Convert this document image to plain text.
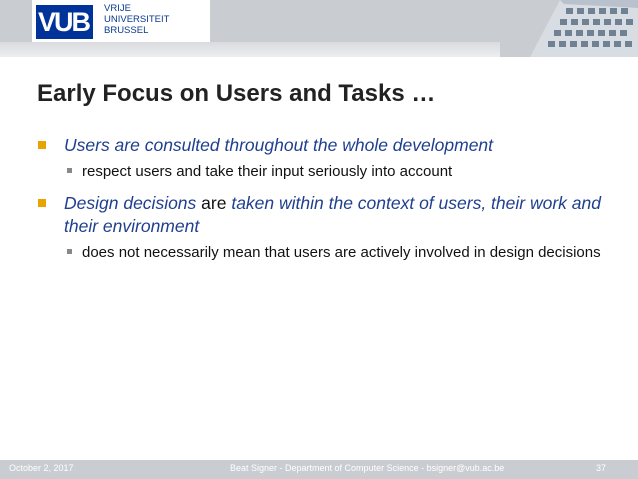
VUB	VRIJE
UNIVERSITEIT
BRUSSEL
Early Focus on Users and Tasks …
Users are consulted throughout the whole development
respect users and take their input seriously into account
Design decisions are taken within the context of users, their work and their environment
does not necessarily mean that users are actively involved in design decisions
October 2, 2017	Beat Signer - Department of Computer Science - bsigner@vub.ac.be	37
